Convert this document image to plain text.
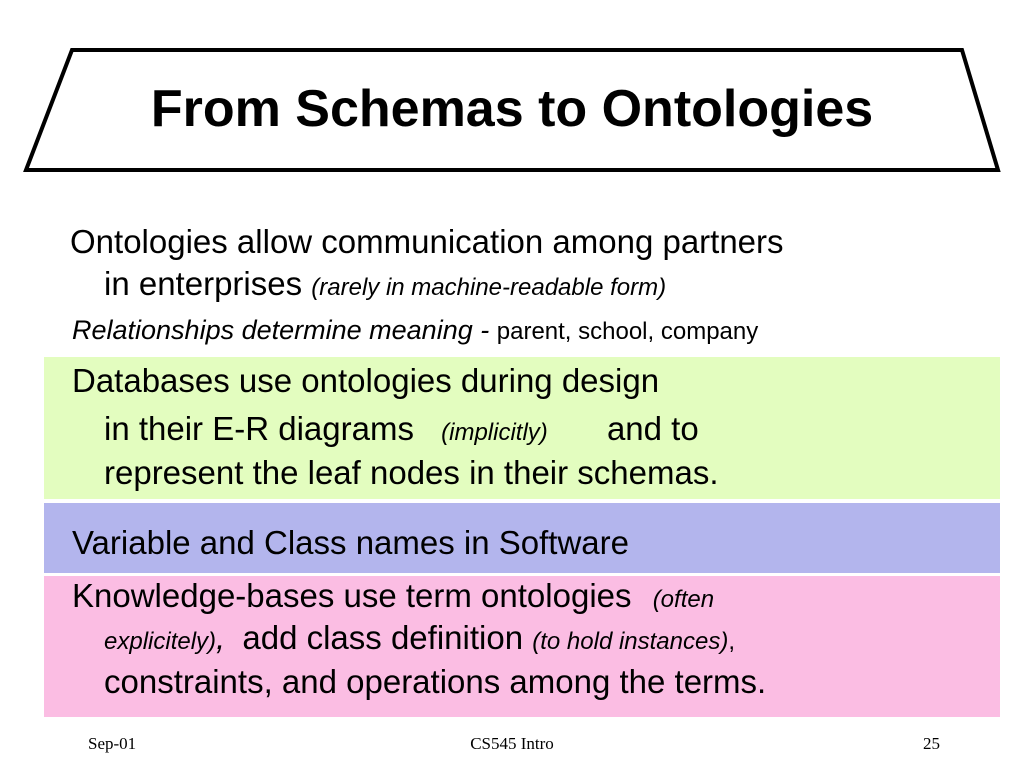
From Schemas to Ontologies
Ontologies allow communication among partners
in enterprises (rarely in machine-readable form)
Relationships determine meaning - parent, school, company
Databases use ontologies during design
in their E-R diagrams (implicitly) and to
represent the leaf nodes in their schemas.
Variable and Class names in Software
Knowledge-bases use term ontologies (often
explicitely), add class definition (to hold instances),
constraints, and operations among the terms.
Sep-01	CS545 Intro	25
